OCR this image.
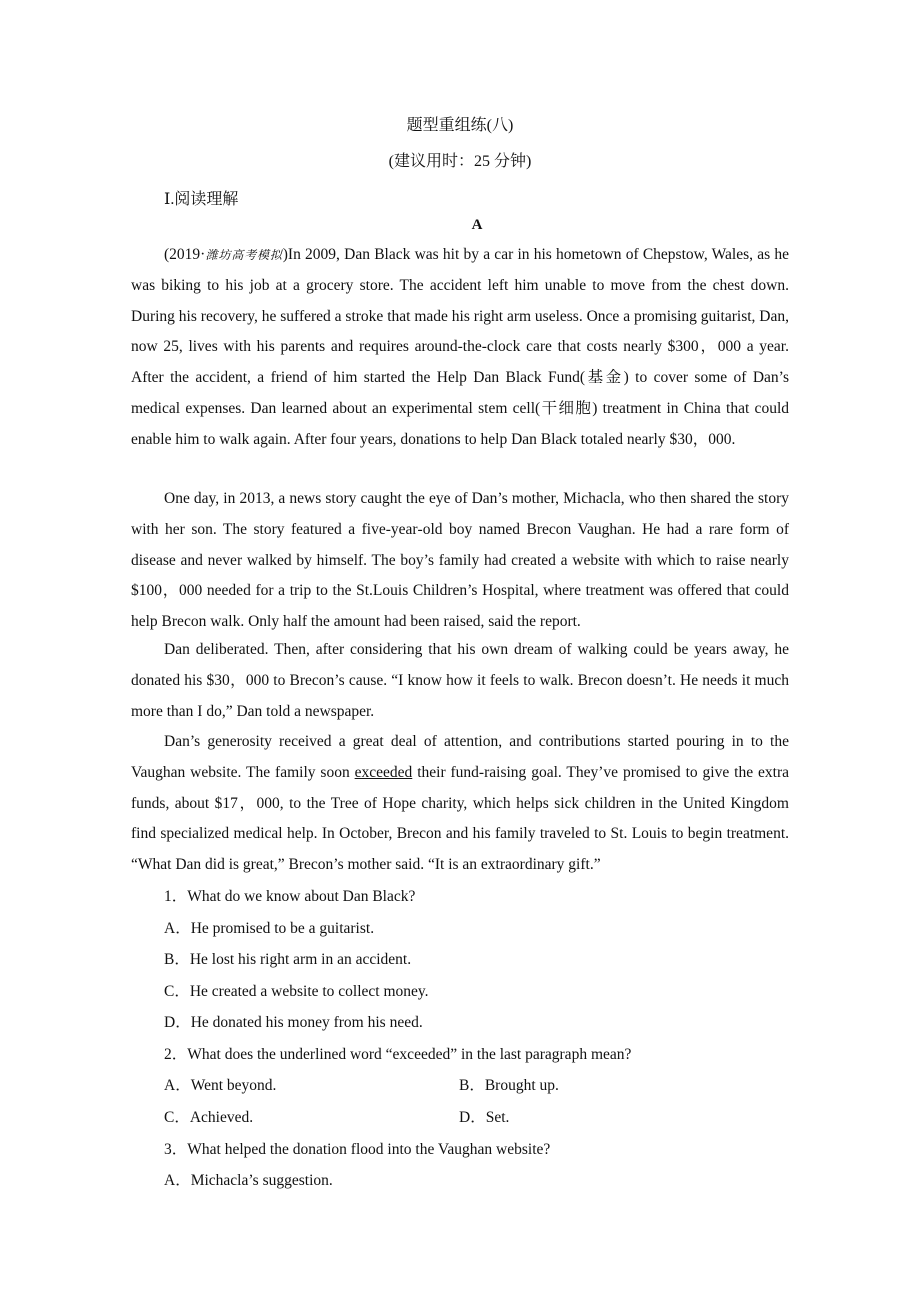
题型重组练(八)
(建议用时：25 分钟)
Ⅰ.阅读理解
A

(2019·潍坊高考模拟)In 2009, Dan Black was hit by a car in his hometown of Chepstow, Wales, as he was biking to his job at a grocery store. The accident left him unable to move from the chest down. During his recovery, he suffered a stroke that made his right arm useless. Once a promising guitarist, Dan, now 25, lives with his parents and requires around‑the‑clock care that costs nearly $300，000 a year. After the accident, a friend of him started the Help Dan Black Fund(基金) to cover some of Dan’s medical expenses. Dan learned about an experimental stem cell(干细胞) treatment in China that could enable him to walk again. After four years, donations to help Dan Black totaled nearly $30，000.

One day, in 2013, a news story caught the eye of Dan’s mother, Michacla, who then shared the story with her son. The story featured a five‑year‑old boy named Brecon Vaughan. He had a rare form of disease and never walked by himself. The boy’s family had created a website with which to raise nearly $100，000 needed for a trip to the St.Louis Children’s Hospital, where treatment was offered that could help Brecon walk. Only half the amount had been raised, said the report.

Dan deliberated. Then, after considering that his own dream of walking could be years away, he donated his $30，000 to Brecon’s cause. “I know how it feels to walk. Brecon doesn’t. He needs it much more than I do,” Dan told a newspaper.

Dan’s generosity received a great deal of attention, and contributions started pouring in to the Vaughan website. The family soon exceeded their fund-raising goal. They’ve promised to give the extra funds, about $17，000, to the Tree of Hope charity, which helps sick children in the United Kingdom find specialized medical help. In October, Brecon and his family traveled to St. Louis to begin treatment. “What Dan did is great,” Brecon’s mother said. “It is an extraordinary gift.”

1．What do we know about Dan Black?
A．He promised to be a guitarist.
B．He lost his right arm in an accident.
C．He created a website to collect money.
D．He donated his money from his need.
2．What does the underlined word “exceeded” in the last paragraph mean?
A．Went beyond.	B．Brought up.
C．Achieved.	D．Set.
3．What helped the donation flood into the Vaughan website?
A．Michacla’s suggestion.
